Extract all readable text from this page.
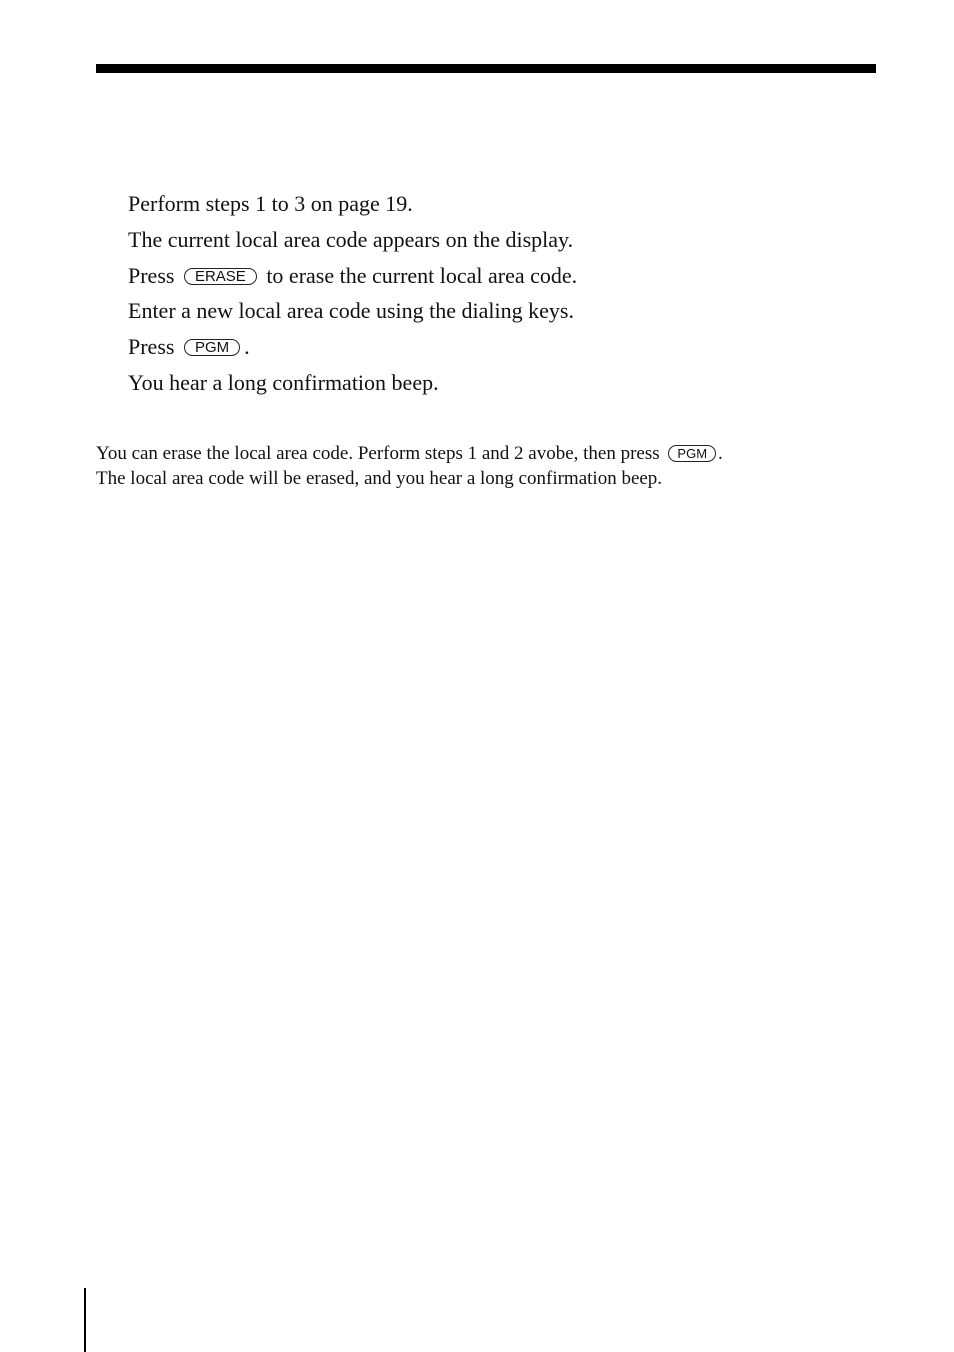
Perform steps 1 to 3 on page 19.
The current local area code appears on the display.
Press ERASE to erase the current local area code.
Enter a new local area code using the dialing keys.
Press PGM .
You hear a long confirmation beep.
You can erase the local area code. Perform steps 1 and 2 avobe, then press PGM . The local area code will be erased, and you hear a long confirmation beep.
